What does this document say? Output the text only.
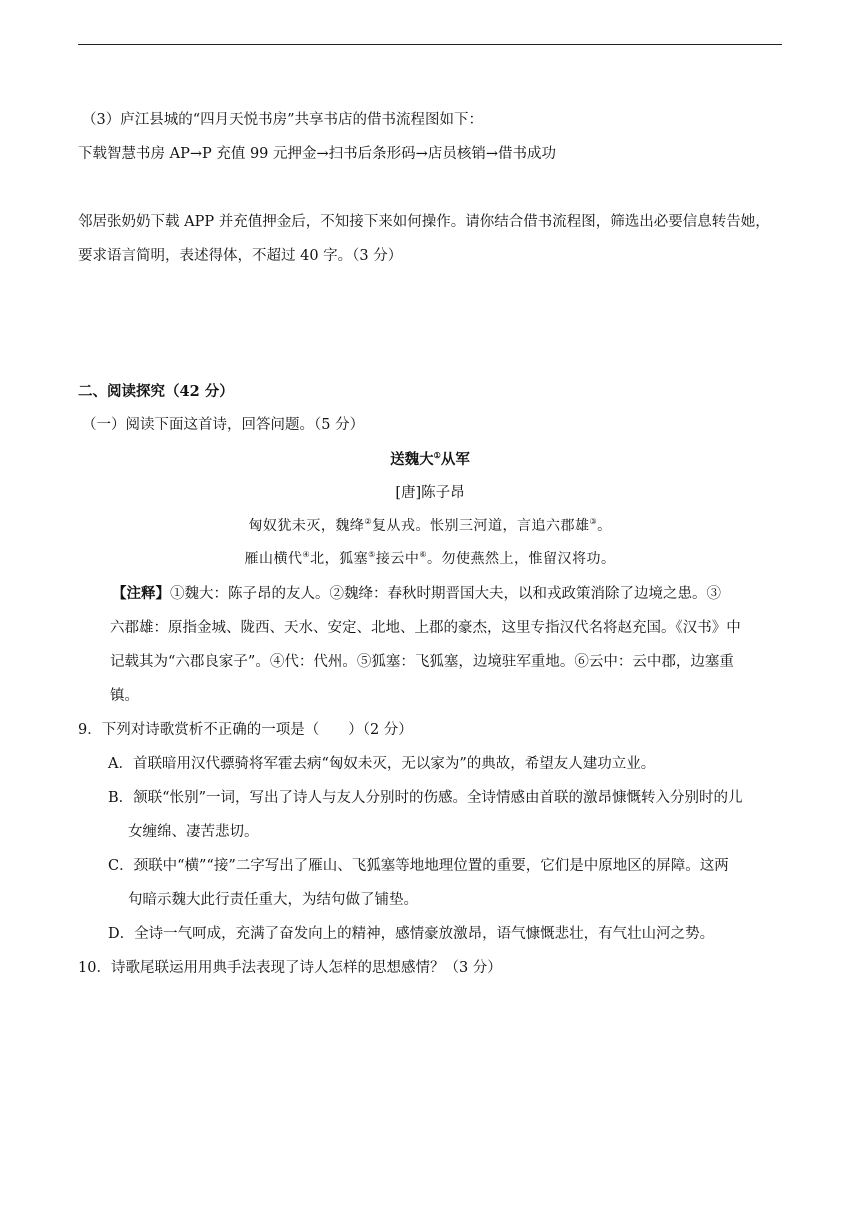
（3）庐江县城的“四月天悦书房”共享书店的借书流程图如下：
下载智慧书房 AP→P 充值 99 元押金→扫书后条形码→店员核销→借书成功
邻居张奶奶下载 APP 并充值押金后，不知接下来如何操作。请你结合借书流程图，筛选出必要信息转告她，
要求语言简明，表述得体，不超过 40 字。（3 分）
二、阅读探究（42 分）
（一）阅读下面这首诗，回答问题。（5 分）
送魏大①从军
[唐]陈子昂
匈奴犹未灭，魏绛②复从戎。怅别三河道，言追六郡雄③。
雁山横代④北，狐塞⑤接云中⑥。勿使燕然上，惟留汉将功。
【注释】①魏大：陈子昂的友人。②魏绛：春秋时期晋国大夫，以和戎政策消除了边境之患。③
六郡雄：原指金城、陇西、天水、安定、北地、上郡的豪杰，这里专指汉代名将赵充国。《汉书》中
记载其为“六郡良家子”。④代：代州。⑤狐塞：飞狐塞，边境驻军重地。⑥云中：云中郡，边塞重
镇。
9．下列对诗歌赏析不正确的一项是（　　）（2 分）
A．首联暗用汉代骠骑将军霍去病“匈奴未灭，无以家为”的典故，希望友人建功立业。
B．颔联“怅别”一词，写出了诗人与友人分别时的伤感。全诗情感由首联的激昂慷慨转入分别时的儿
女缠绵、凄苦悲切。
C．颈联中“横”“接”二字写出了雁山、飞狐塞等地地理位置的重要，它们是中原地区的屏障。这两
句暗示魏大此行责任重大，为结句做了铺垫。
D．全诗一气呵成，充满了奋发向上的精神，感情豪放激昂，语气慷慨悲壮，有气壮山河之势。
10．诗歌尾联运用用典手法表现了诗人怎样的思想感情？（3 分）
